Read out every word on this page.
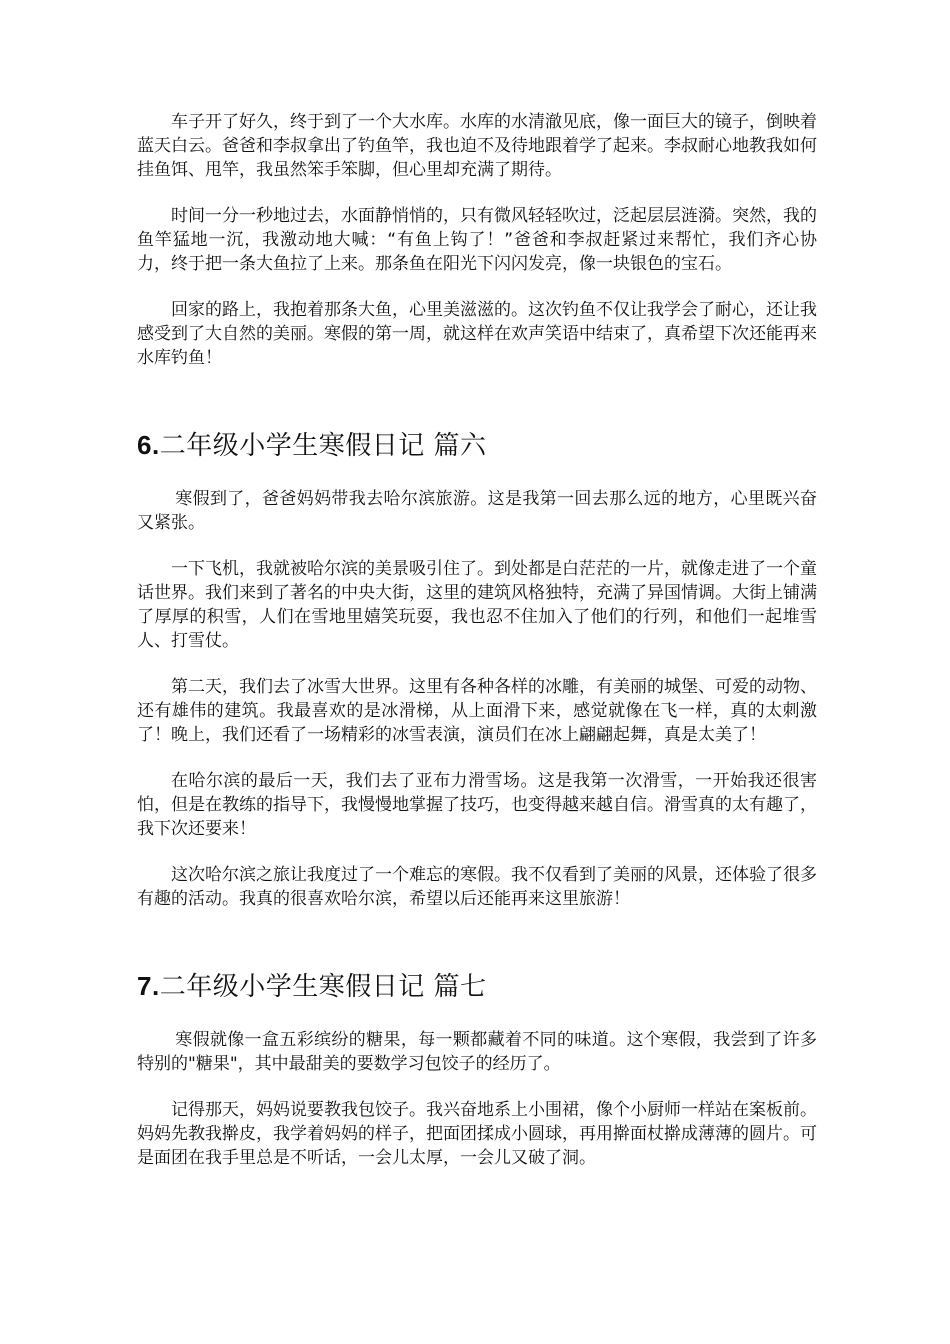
车子开了好久，终于到了一个大水库。水库的水清澈见底，像一面巨大的镜子，倒映着蓝天白云。爸爸和李叔拿出了钓鱼竿，我也迫不及待地跟着学了起来。李叔耐心地教我如何挂鱼饵、甩竿，我虽然笨手笨脚，但心里却充满了期待。

时间一分一秒地过去，水面静悄悄的，只有微风轻轻吹过，泛起层层涟漪。突然，我的鱼竿猛地一沉，我激动地大喊：“有鱼上钩了！”爸爸和李叔赶紧过来帮忙，我们齐心协力，终于把一条大鱼拉了上来。那条鱼在阳光下闪闪发亮，像一块银色的宝石。

回家的路上，我抱着那条大鱼，心里美滋滋的。这次钓鱼不仅让我学会了耐心，还让我感受到了大自然的美丽。寒假的第一周，就这样在欢声笑语中结束了，真希望下次还能再来水库钓鱼！

6.二年级小学生寒假日记 篇六

寒假到了，爸爸妈妈带我去哈尔滨旅游。这是我第一回去那么远的地方，心里既兴奋又紧张。

一下飞机，我就被哈尔滨的美景吸引住了。到处都是白茫茫的一片，就像走进了一个童话世界。我们来到了著名的中央大街，这里的建筑风格独特，充满了异国情调。大街上铺满了厚厚的积雪，人们在雪地里嬉笑玩耍，我也忍不住加入了他们的行列，和他们一起堆雪人、打雪仗。

第二天，我们去了冰雪大世界。这里有各种各样的冰雕，有美丽的城堡、可爱的动物、还有雄伟的建筑。我最喜欢的是冰滑梯，从上面滑下来，感觉就像在飞一样，真的太刺激了！晚上，我们还看了一场精彩的冰雪表演，演员们在冰上翩翩起舞，真是太美了！

在哈尔滨的最后一天，我们去了亚布力滑雪场。这是我第一次滑雪，一开始我还很害怕，但是在教练的指导下，我慢慢地掌握了技巧，也变得越来越自信。滑雪真的太有趣了，我下次还要来！

这次哈尔滨之旅让我度过了一个难忘的寒假。我不仅看到了美丽的风景，还体验了很多有趣的活动。我真的很喜欢哈尔滨，希望以后还能再来这里旅游！

7.二年级小学生寒假日记 篇七

寒假就像一盒五彩缤纷的糖果，每一颗都藏着不同的味道。这个寒假，我尝到了许多特别的"糖果"，其中最甜美的要数学习包饺子的经历了。

记得那天，妈妈说要教我包饺子。我兴奋地系上小围裙，像个小厨师一样站在案板前。妈妈先教我擀皮，我学着妈妈的样子，把面团揉成小圆球，再用擀面杖擀成薄薄的圆片。可是面团在我手里总是不听话，一会儿太厚，一会儿又破了洞。
